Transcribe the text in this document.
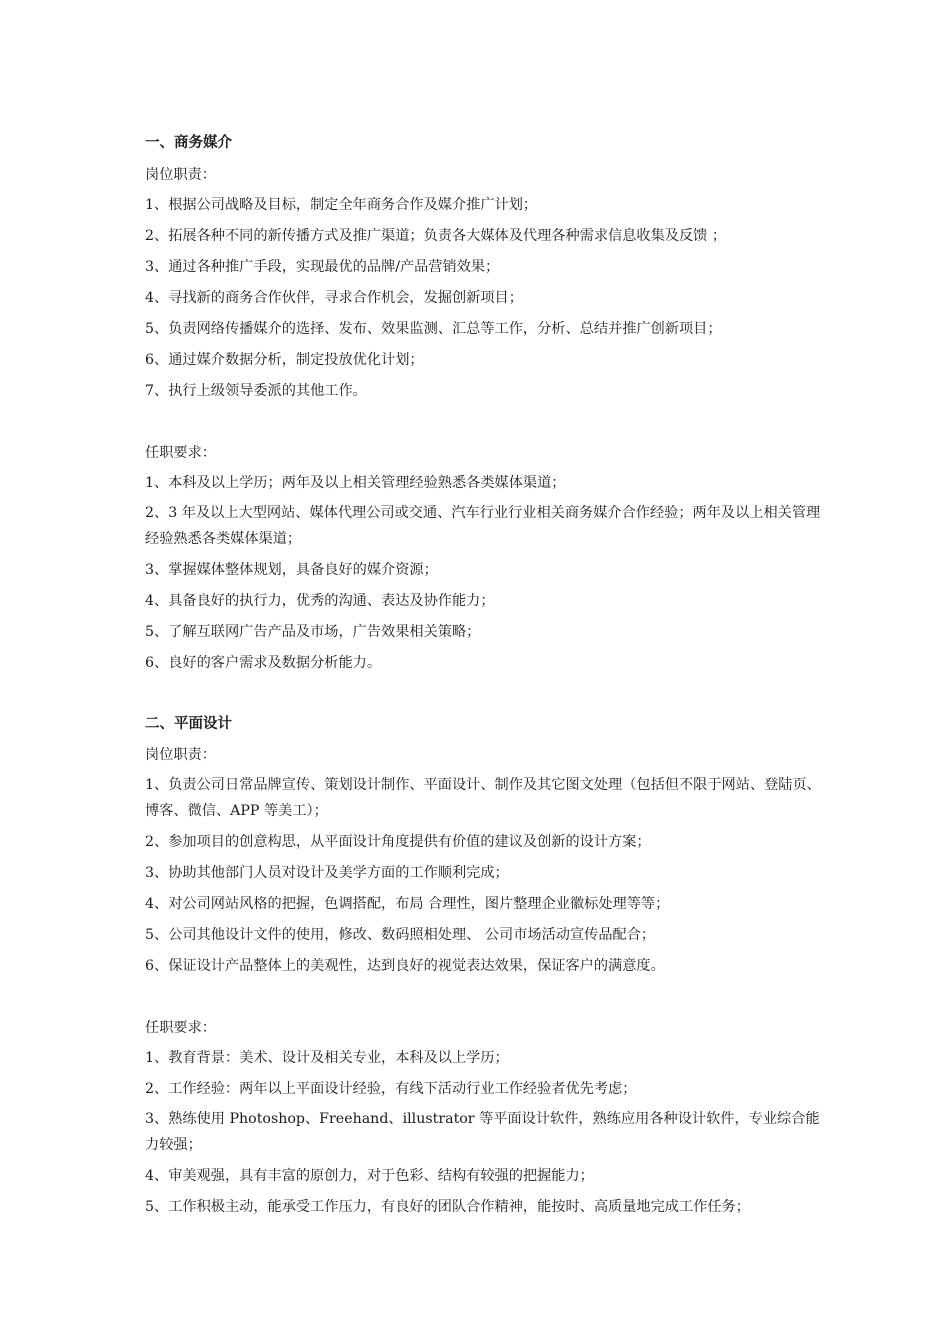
一、商务媒介
岗位职责：
1、根据公司战略及目标，制定全年商务合作及媒介推广计划；
2、拓展各种不同的新传播方式及推广渠道；负责各大媒体及代理各种需求信息收集及反馈 ；
3、通过各种推广手段，实现最优的品牌/产品营销效果；
4、寻找新的商务合作伙伴，寻求合作机会，发掘创新项目；
5、负责网络传播媒介的选择、发布、效果监测、汇总等工作，分析、总结并推广创新项目；
6、通过媒介数据分析，制定投放优化计划；
7、执行上级领导委派的其他工作。
任职要求：
1、本科及以上学历；两年及以上相关管理经验熟悉各类媒体渠道；
2、3 年及以上大型网站、媒体代理公司或交通、汽车行业行业相关商务媒介合作经验；两年及以上相关管理经验熟悉各类媒体渠道；
3、掌握媒体整体规划，具备良好的媒介资源；
4、具备良好的执行力，优秀的沟通、表达及协作能力；
5、了解互联网广告产品及市场，广告效果相关策略；
6、良好的客户需求及数据分析能力。
二、平面设计
岗位职责：
1、负责公司日常品牌宣传、策划设计制作、平面设计、制作及其它图文处理（包括但不限于网站、登陆页、博客、微信、APP 等美工）；
2、参加项目的创意构思，从平面设计角度提供有价值的建议及创新的设计方案；
3、协助其他部门人员对设计及美学方面的工作顺利完成；
4、对公司网站风格的把握，色调搭配，布局 合理性，图片整理企业徽标处理等等；
5、公司其他设计文件的使用，修改、数码照相处理、 公司市场活动宣传品配合；
6、保证设计产品整体上的美观性，达到良好的视觉表达效果，保证客户的满意度。
任职要求：
1、教育背景：美术、设计及相关专业，本科及以上学历；
2、工作经验：两年以上平面设计经验，有线下活动行业工作经验者优先考虑；
3、熟练使用 Photoshop、Freehand、illustrator 等平面设计软件，熟练应用各种设计软件，专业综合能力较强；
4、审美观强，具有丰富的原创力，对于色彩、结构有较强的把握能力；
5、工作积极主动，能承受工作压力，有良好的团队合作精神，能按时、高质量地完成工作任务；
